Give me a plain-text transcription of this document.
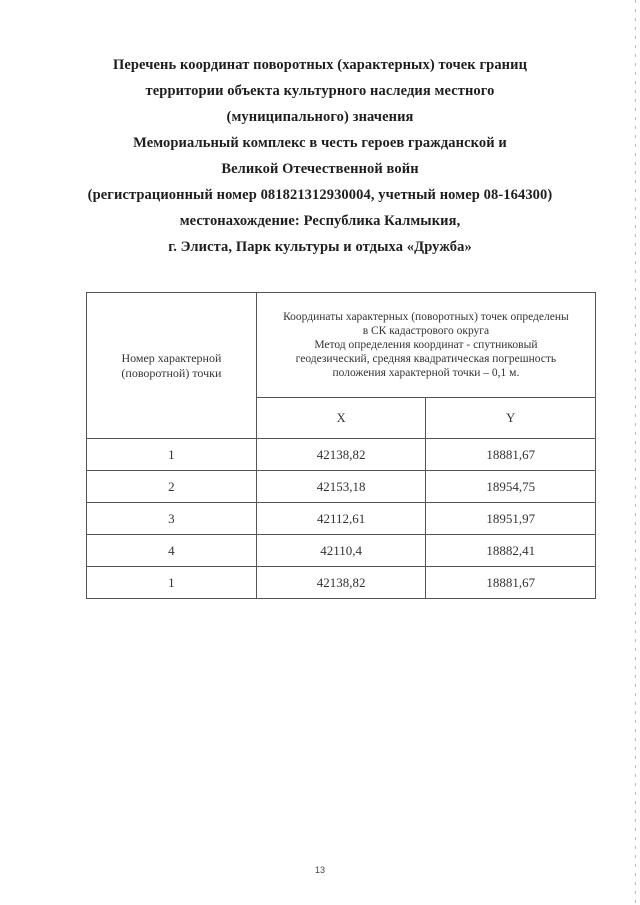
Перечень координат поворотных (характерных) точек границ
территории объекта культурного наследия местного
(муниципального) значения
Мемориальный комплекс в честь героев гражданской и
Великой Отечественной войн
(регистрационный номер 081821312930004, учетный номер 08-164300)
местонахождение: Республика Калмыкия,
г. Элиста, Парк культуры и отдыха «Дружба»
Номер характерной (поворотной) точки	Координаты характерных (поворотных) точек определены
в СК кадастрового округа
Метод определения координат - спутниковый
геодезический, средняя квадратическая погрешность
положения характерной точки – 0,1 м.	

	X	Y
1	42138,82	18881,67
2	42153,18	18954,75
3	42112,61	18951,97
4	42110,4	18882,41
1	42138,82	18881,67
13
